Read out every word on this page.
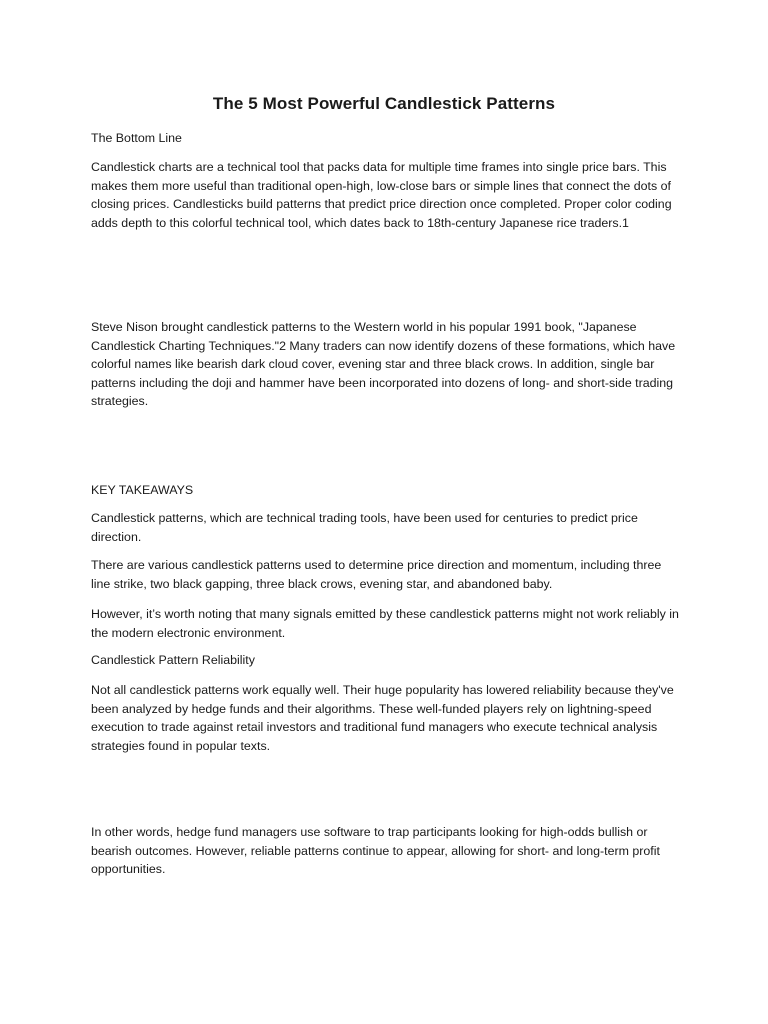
The 5 Most Powerful Candlestick Patterns
The Bottom Line
Candlestick charts are a technical tool that packs data for multiple time frames into single price bars. This makes them more useful than traditional open-high, low-close bars or simple lines that connect the dots of closing prices. Candlesticks build patterns that predict price direction once completed. Proper color coding adds depth to this colorful technical tool, which dates back to 18th-century Japanese rice traders.1
Steve Nison brought candlestick patterns to the Western world in his popular 1991 book, "Japanese Candlestick Charting Techniques."2 Many traders can now identify dozens of these formations, which have colorful names like bearish dark cloud cover, evening star and three black crows. In addition, single bar patterns including the doji and hammer have been incorporated into dozens of long- and short-side trading strategies.
KEY TAKEAWAYS
Candlestick patterns, which are technical trading tools, have been used for centuries to predict price direction.
There are various candlestick patterns used to determine price direction and momentum, including three line strike, two black gapping, three black crows, evening star, and abandoned baby.
However, it’s worth noting that many signals emitted by these candlestick patterns might not work reliably in the modern electronic environment.
Candlestick Pattern Reliability
Not all candlestick patterns work equally well. Their huge popularity has lowered reliability because they've been analyzed by hedge funds and their algorithms. These well-funded players rely on lightning-speed execution to trade against retail investors and traditional fund managers who execute technical analysis strategies found in popular texts.
In other words, hedge fund managers use software to trap participants looking for high-odds bullish or bearish outcomes. However, reliable patterns continue to appear, allowing for short- and long-term profit opportunities.
